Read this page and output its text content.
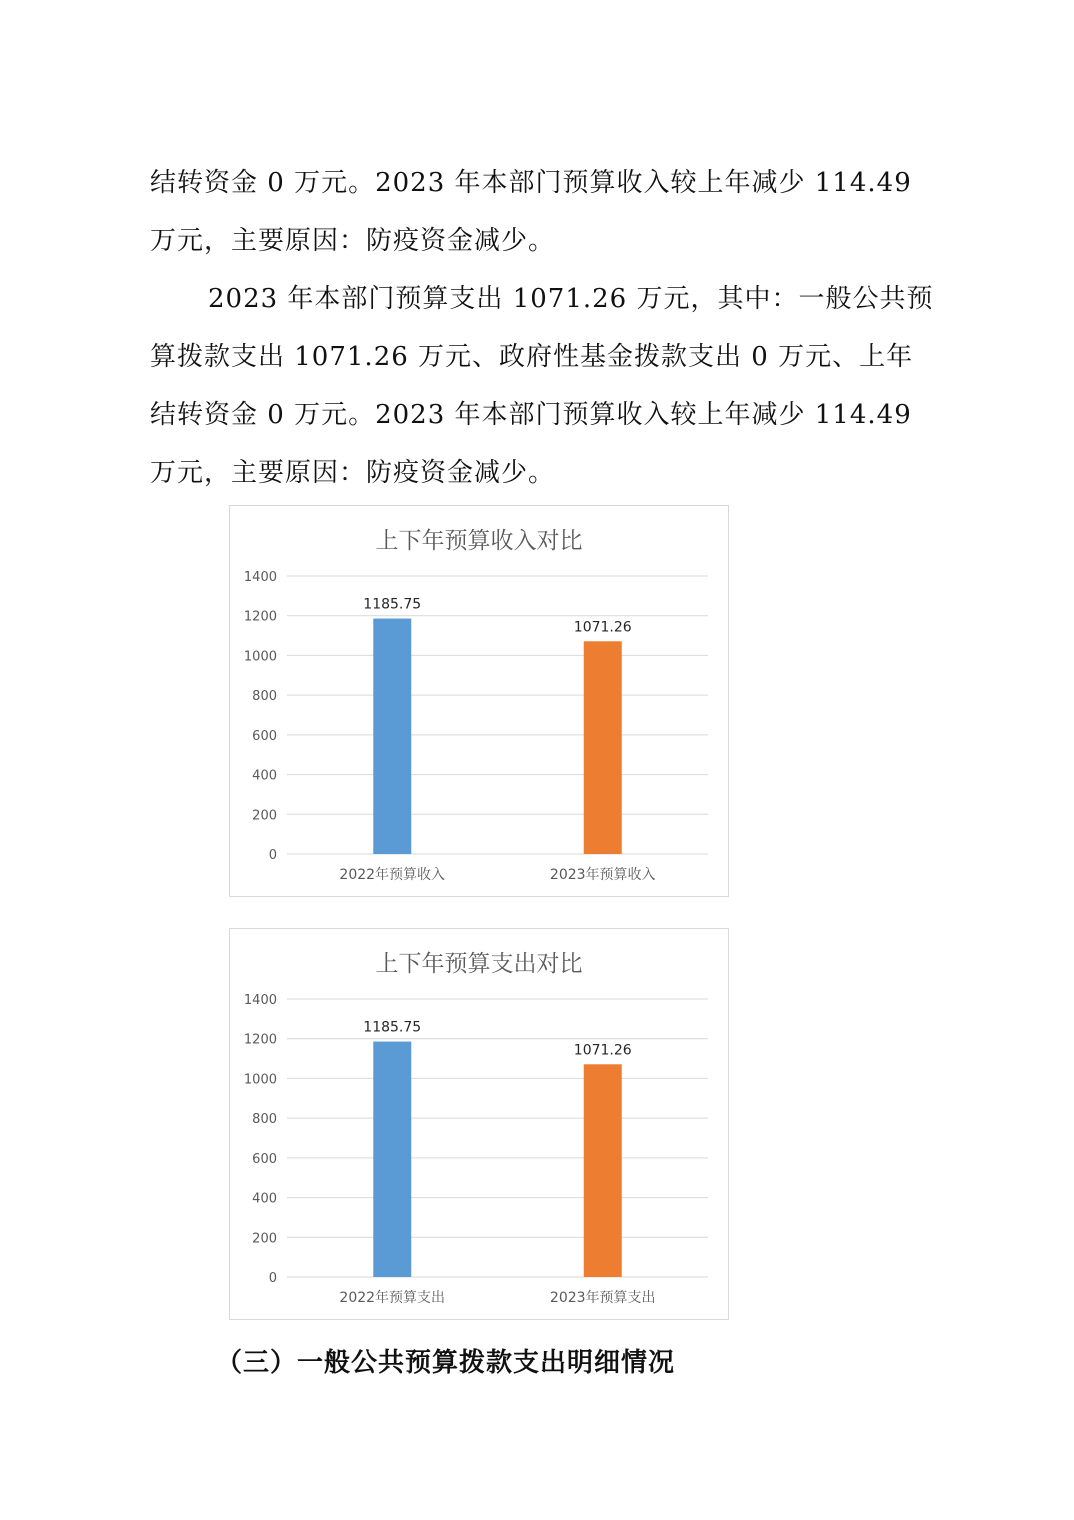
结转资金 0 万元。2023 年本部门预算收入较上年减少 114.49 万元，主要原因：防疫资金减少。

2023 年本部门预算支出 1071.26 万元，其中：一般公共预算拨款支出 1071.26 万元、政府性基金拨款支出 0 万元、上年结转资金 0 万元。2023 年本部门预算收入较上年减少 114.49 万元，主要原因：防疫资金减少。

上下年预算收入对比
0
200
400
600
800
1000
1200
1400
1185.75
2022年预算收入
1071.26
2023年预算收入
上下年预算支出对比
0
200
400
600
800
1000
1200
1400
1185.75
2022年预算支出
1071.26
2023年预算支出
（三）一般公共预算拨款支出明细情况
